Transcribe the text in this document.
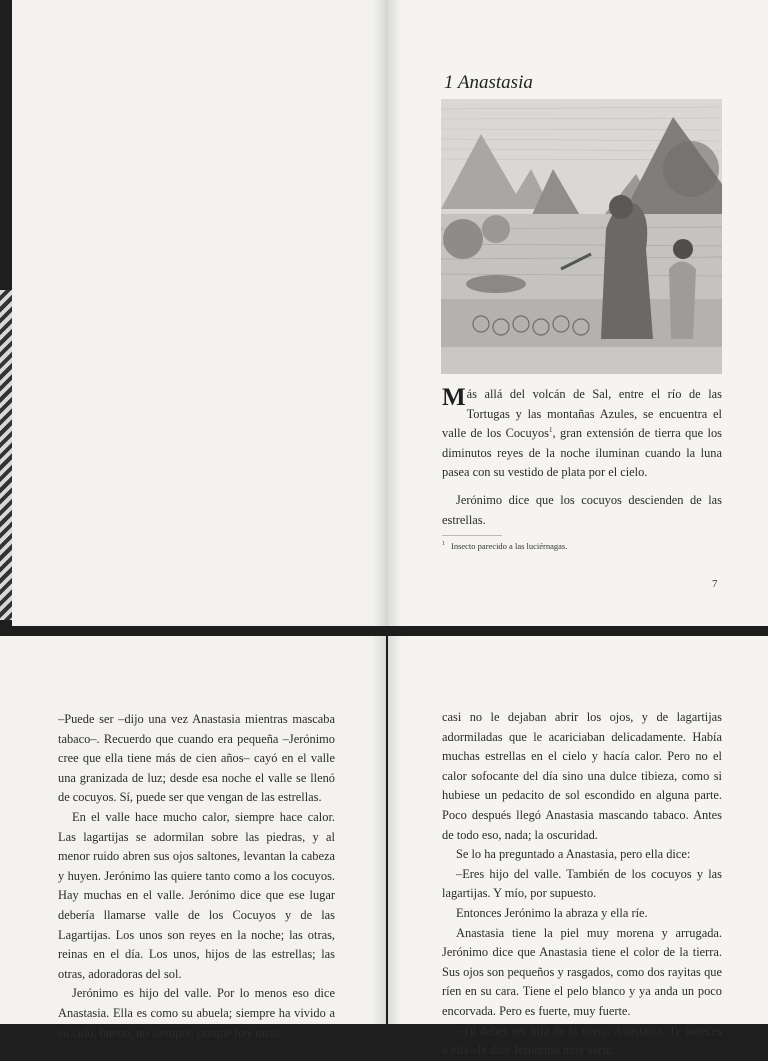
1 Anastasia

Más allá del volcán de Sal, entre el río de las Tortugas y las montañas Azules, se encuentra el valle de los Cocuyos$^1$, gran extensión de tierra que los diminutos reyes de la noche iluminan cuando la luna pasea con su vestido de plata por el cielo.

Jerónimo dice que los cocuyos descienden de las estrellas.

$^1$ Insecto parecido a las luciérnagas.
7

–Puede ser –dijo una vez Anastasia mientras mascaba tabaco–. Recuerdo que cuando era pequeña –Jerónimo cree que ella tiene más de cien años– cayó en el valle una granizada de luz; desde esa noche el valle se llenó de cocuyos. Sí, puede ser que vengan de las estrellas.

En el valle hace mucho calor, siempre hace calor. Las lagartijas se adormilan sobre las piedras, y al menor ruido abren sus ojos saltones, levantan la cabeza y huyen. Jerónimo las quiere tanto como a los cocuyos. Hay muchas en el valle. Jerónimo dice que ese lugar debería llamarse valle de los Cocuyos y de las Lagartijas. Los unos son reyes en la noche; las otras, reinas en el día. Los unos, hijos de las estrellas; las otras, adoradoras del sol.

Jerónimo es hijo del valle. Por lo menos eso dice Anastasia. Ella es como su abuela; siempre ha vivido a su lado, bueno, no siempre, porque hay otras

casi no le dejaban abrir los ojos, y de lagartijas adormiladas que le acariciaban delicadamente. Había muchas estrellas en el cielo y hacía calor. Pero no el calor sofocante del día sino una dulce tibieza, como si hubiese un pedacito de sol escondido en alguna parte. Poco después llegó Anastasia mascando tabaco. Antes de todo eso, nada; la oscuridad.

Se lo ha preguntado a Anastasia, pero ella dice:

–Eres hijo del valle. También de los cocuyos y las lagartijas. Y mío, por supuesto.

Entonces Jerónimo la abraza y ella ríe.

Anastasia tiene la piel muy morena y arrugada. Jerónimo dice que Anastasia tiene el color de la tierra. Sus ojos son pequeños y rasgados, como dos rayitas que ríen en su cara. Tiene el pelo blanco y ya anda un poco encorvada. Pero es fuerte, muy fuerte.

–Tú debes ser hija de la tierra, Anastasia. Te pareces a ella –le dice Jerónimo muy serio.
